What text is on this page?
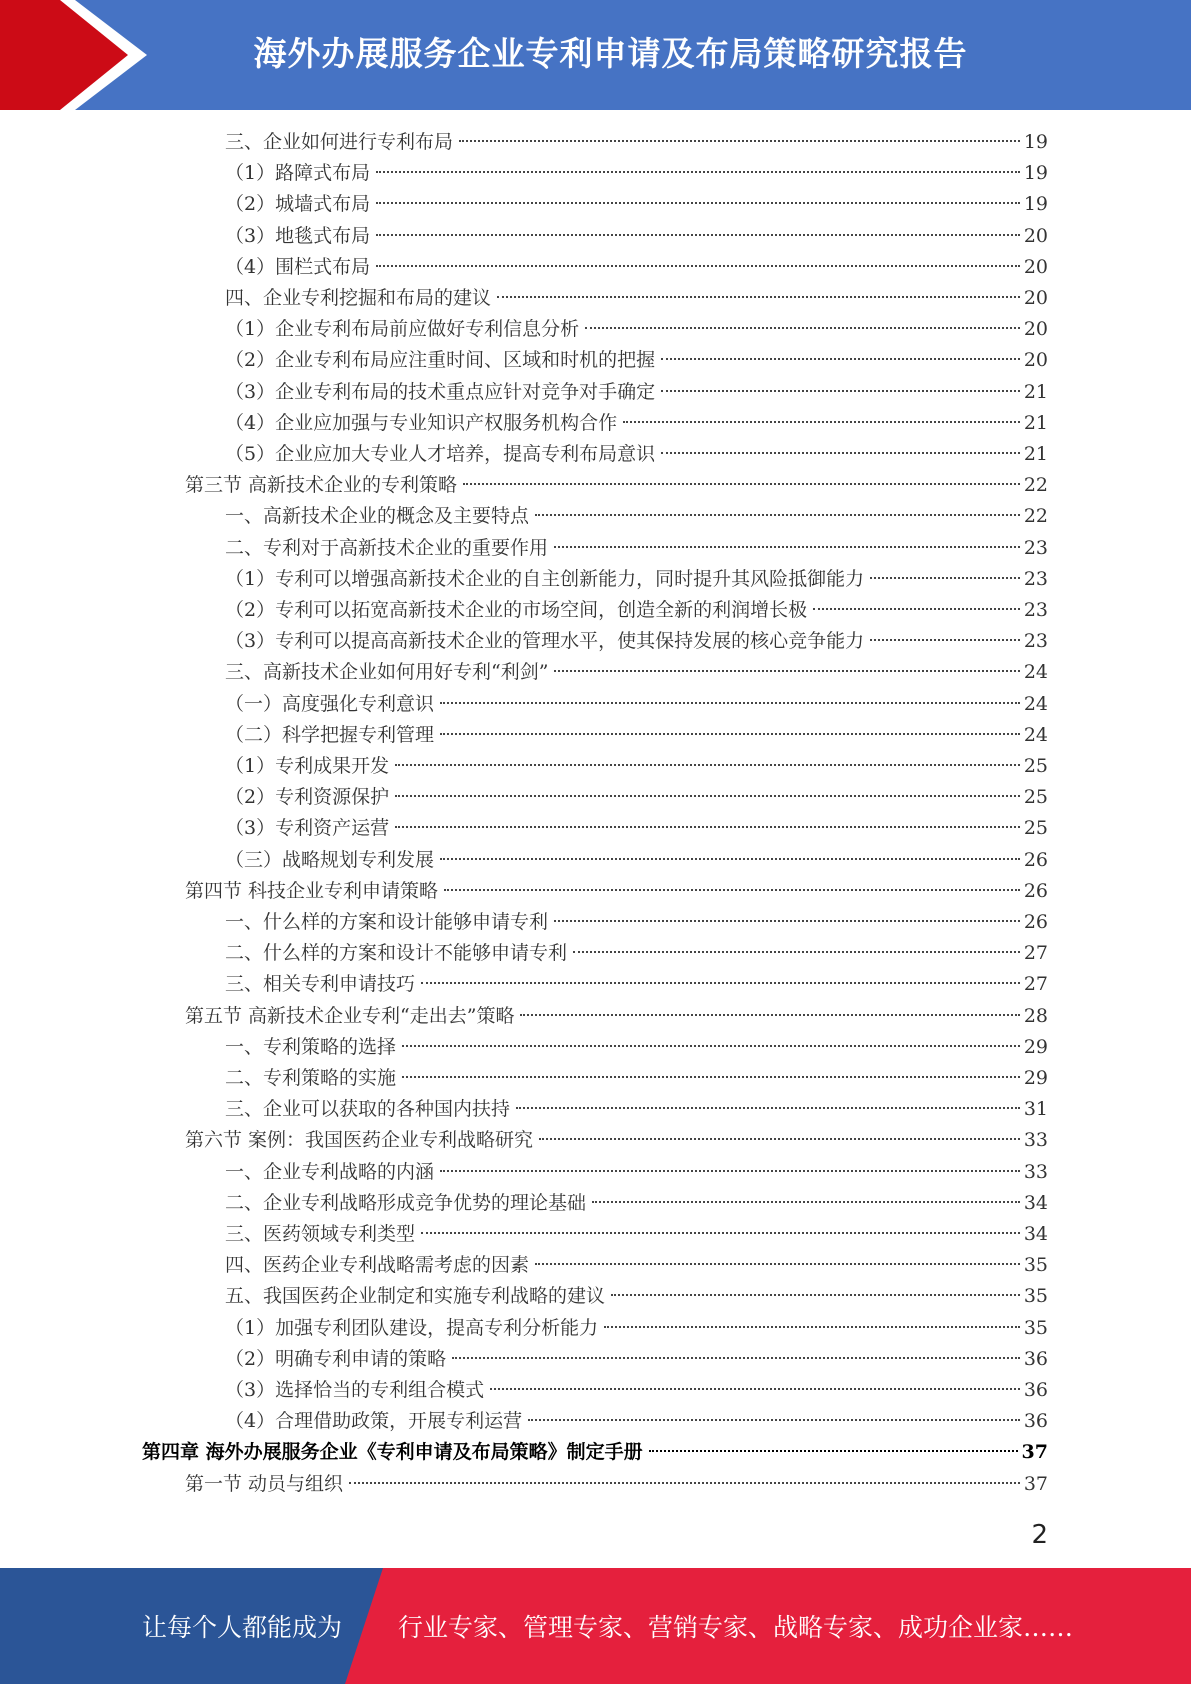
海外办展服务企业专利申请及布局策略研究报告
三、企业如何进行专利布局	19
（1）路障式布局	19
（2）城墙式布局	19
（3）地毯式布局	20
（4）围栏式布局	20
四、企业专利挖掘和布局的建议	20
（1）企业专利布局前应做好专利信息分析	20
（2）企业专利布局应注重时间、区域和时机的把握	20
（3）企业专利布局的技术重点应针对竞争对手确定	21
（4）企业应加强与专业知识产权服务机构合作	21
（5）企业应加大专业人才培养，提高专利布局意识	21
第三节 高新技术企业的专利策略	22
一、高新技术企业的概念及主要特点	22
二、专利对于高新技术企业的重要作用	23
（1）专利可以增强高新技术企业的自主创新能力，同时提升其风险抵御能力	23
（2）专利可以拓宽高新技术企业的市场空间，创造全新的利润增长极	23
（3）专利可以提高高新技术企业的管理水平，使其保持发展的核心竞争能力	23
三、高新技术企业如何用好专利“利剑”	24
（一）高度强化专利意识	24
（二）科学把握专利管理	24
（1）专利成果开发	25
（2）专利资源保护	25
（3）专利资产运营	25
（三）战略规划专利发展	26
第四节 科技企业专利申请策略	26
一、什么样的方案和设计能够申请专利	26
二、什么样的方案和设计不能够申请专利	27
三、相关专利申请技巧	27
第五节 高新技术企业专利“走出去”策略	28
一、专利策略的选择	29
二、专利策略的实施	29
三、企业可以获取的各种国内扶持	31
第六节 案例：我国医药企业专利战略研究	33
一、企业专利战略的内涵	33
二、企业专利战略形成竞争优势的理论基础	34
三、医药领域专利类型	34
四、医药企业专利战略需考虑的因素	35
五、我国医药企业制定和实施专利战略的建议	35
（1）加强专利团队建设，提高专利分析能力	35
（2）明确专利申请的策略	36
（3）选择恰当的专利组合模式	36
（4）合理借助政策，开展专利运营	36
第四章 海外办展服务企业《专利申请及布局策略》制定手册	37
第一节 动员与组织	37
2
让每个人都能成为 行业专家、管理专家、营销专家、战略专家、成功企业家……
